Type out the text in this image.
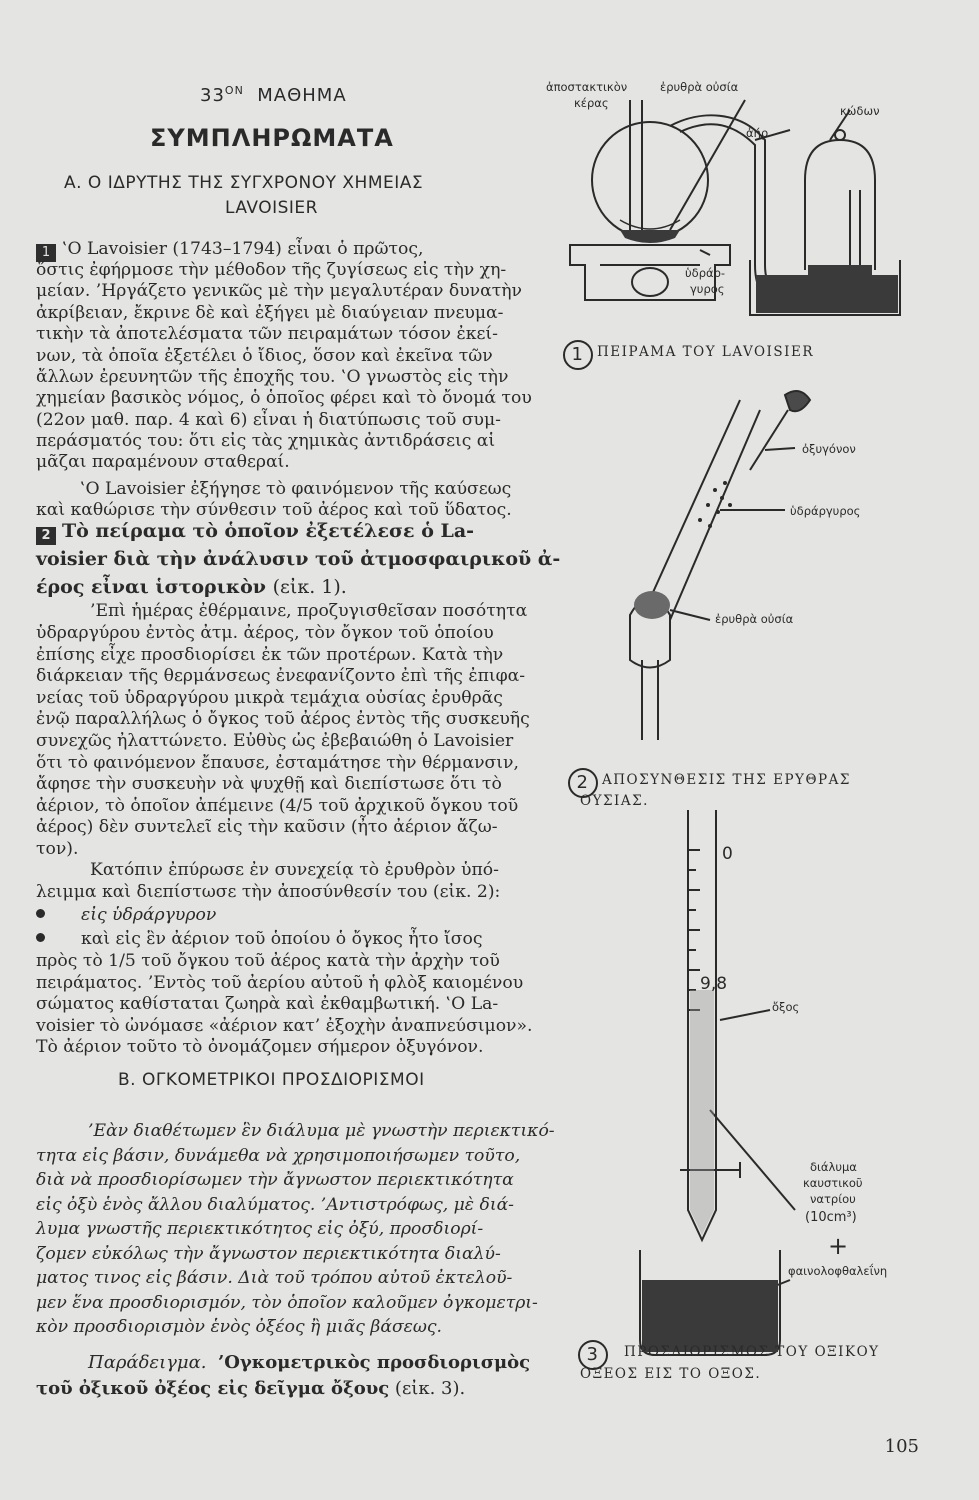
$33^{ON}$ ΜΑΘΗΜΑ
ΣΥΜΠΛΗΡΩΜΑΤΑ
Α. Ο ΙΔΡΥΤΗΣ ΤΗΣ ΣΥΓΧΡΟΝΟΥ ΧΗΜΕΙΑΣ
LAVOISIER
1 ‛Ο Lavoisier (1743–1794) εἶναι ὁ πρῶτος,
ὅστις ἐφήρμοσε τὴν μέθοδον τῆς ζυγίσεως εἰς τὴν χη-
μείαν. ’Ηργάζετο γενικῶς μὲ τὴν μεγαλυτέραν δυνατὴν
ἀκρίβειαν, ἔκρινε δὲ καὶ ἐξήγει μὲ διαύγειαν πνευμα-
τικὴν τὰ ἀποτελέσματα τῶν πειραμάτων τόσον ἐκεί-
νων, τὰ ὁποῖα ἐξετέλει ὁ ἴδιος, ὅσον καὶ ἐκεῖνα τῶν
ἄλλων ἐρευνητῶν τῆς ἐποχῆς του. ‛Ο γνωστὸς εἰς τὴν
χημείαν βασικὸς νόμος, ὁ ὁποῖος φέρει καὶ τὸ ὄνομά του
(22ον μαθ. παρ. 4 καὶ 6) εἶναι ἡ διατύπωσις τοῦ συμ-
περάσματός του: ὅτι εἰς τὰς χημικὰς ἀντιδράσεις αἱ
μᾶζαι παραμένουν σταθεραί.
‛Ο Lavoisier ἐξήγησε τὸ φαινόμενον τῆς καύσεως
καὶ καθώρισε τὴν σύνθεσιν τοῦ ἀέρος καὶ τοῦ ὕδατος.
2 Τὸ πείραμα τὸ ὁποῖον ἐξετέλεσε ὁ La-
voisier διὰ τὴν ἀνάλυσιν τοῦ ἀτμοσφαιρικοῦ ἀ-
έρος εἶναι ἱστορικὸν (εἰκ. 1).
’Επὶ ἡμέρας ἐθέρμαινε, προζυγισθεῖσαν ποσότητα
ὑδραργύρου ἐντὸς ἀτμ. ἀέρος, τὸν ὄγκον τοῦ ὁποίου
ἐπίσης εἶχε προσδιορίσει ἐκ τῶν προτέρων. Κατὰ τὴν
διάρκειαν τῆς θερμάνσεως ἐνεφανίζοντο ἐπὶ τῆς ἐπιφα-
νείας τοῦ ὑδραργύρου μικρὰ τεμάχια οὐσίας ἐρυθρᾶς
ἐνῷ παραλλήλως ὁ ὄγκος τοῦ ἀέρος ἐντὸς τῆς συσκευῆς
συνεχῶς ἠλαττώνετο. Εὐθὺς ὡς ἐβεβαιώθη ὁ Lavoisier
ὅτι τὸ φαινόμενον ἔπαυσε, ἐσταμάτησε τὴν θέρμανσιν,
ἄφησε τὴν συσκευὴν νὰ ψυχθῇ καὶ διεπίστωσε ὅτι τὸ
ἀέριον, τὸ ὁποῖον ἀπέμεινε (4/5 τοῦ ἀρχικοῦ ὄγκου τοῦ
ἀέρος) δὲν συντελεῖ εἰς τὴν καῦσιν (ἦτο ἀέριον ἄζω-
τον).
Κατόπιν ἐπύρωσε ἐν συνεχείᾳ τὸ ἐρυθρὸν ὑπό-
λειμμα καὶ διεπίστωσε τὴν ἀποσύνθεσίν του (εἰκ. 2):
εἰς ὑδράργυρον
καὶ εἰς ἓν ἀέριον τοῦ ὁποίου ὁ ὄγκος ἦτο ἴσος
πρὸς τὸ 1/5 τοῦ ὄγκου τοῦ ἀέρος κατὰ τὴν ἀρχὴν τοῦ
πειράματος. ’Εντὸς τοῦ ἀερίου αὐτοῦ ἡ φλὸξ καιομένου
σώματος καθίσταται ζωηρὰ καὶ ἐκθαμβωτική. ‛Ο La-
voisier τὸ ὠνόμασε «ἀέριον κατ’ ἐξοχὴν ἀναπνεύσιμον».
Τὸ ἀέριον τοῦτο τὸ ὀνομάζομεν σήμερον ὀξυγόνον.
Β. ΟΓΚΟΜΕΤΡΙΚΟΙ ΠΡΟΣΔΙΟΡΙΣΜΟΙ
’Εὰν διαθέτωμεν ἓν διάλυμα μὲ γνωστὴν περιεκτικό-
τητα εἰς βάσιν, δυνάμεθα νὰ χρησιμοποιήσωμεν τοῦτο,
διὰ νὰ προσδιορίσωμεν τὴν ἄγνωστον περιεκτικότητα
εἰς ὀξὺ ἑνὸς ἄλλου διαλύματος. ’Αντιστρόφως, μὲ διά-
λυμα γνωστῆς περιεκτικότητος εἰς ὀξύ, προσδιορί-
ζομεν εὐκόλως τὴν ἄγνωστον περιεκτικότητα διαλύ-
ματος τινος εἰς βάσιν. Διὰ τοῦ τρόπου αὐτοῦ ἐκτελοῦ-
μεν ἕνα προσδιορισμόν, τὸν ὁποῖον καλοῦμεν ὀγκομετρι-
κὸν προσδιορισμὸν ἑνὸς ὀξέος ἢ μιᾶς βάσεως.
Παράδειγμα. ’Ογκομετρικὸς προσδιορισμὸς
τοῦ ὀξικοῦ ὀξέος εἰς δεῖγμα ὄξους (εἰκ. 3).
ἀποστακτικὸν
κέρας
ἐρυθρὰ οὐσία
κώδων
ἀήρ
ὑδράρ-
γυρος
1 ΠΕΙΡΑΜΑ ΤΟΥ LAVOISIER
ὀξυγόνον
ὑδράργυρος
ἐρυθρὰ οὐσία
2 ΑΠΟΣΥΝΘΕΣΙΣ ΤΗΣ ΕΡΥΘΡΑΣ
ΟΥΣΙΑΣ.
0
9,8
ὄξος
διάλυμα
καυστικοῦ
νατρίου
(10cm³)
+
φαινολοφθαλεΐνη
3 ΠΡΟΣΔΙΟΡΙΣΜΟΣ ΤΟΥ ΟΞΙΚΟΥ
ΟΞΕΟΣ ΕΙΣ ΤΟ ΟΞΟΣ.
105
